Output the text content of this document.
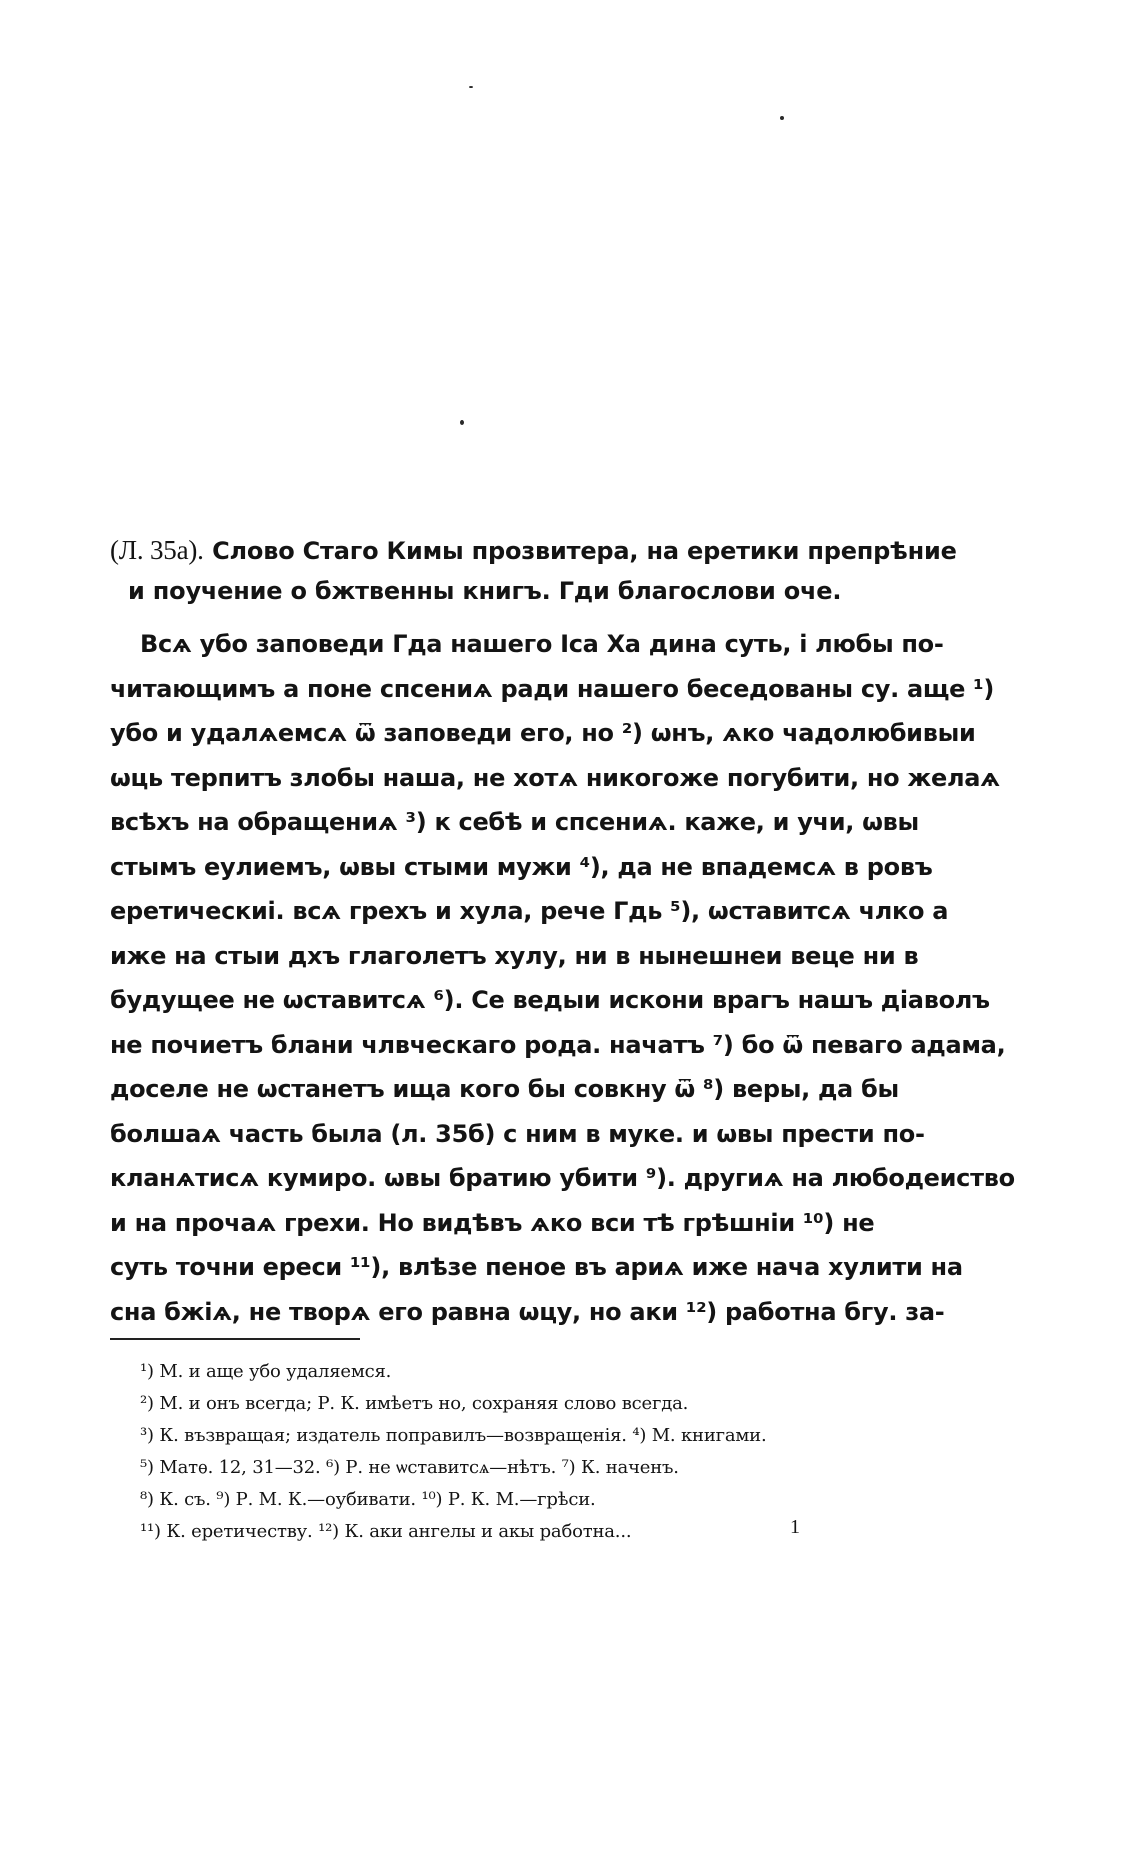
(Л. 35а). Слово Стаго Кимы прозвитера, на еретики препрѣние
и поучение о бжтвенны книгъ. Гди благослови оче.
Всѧ убо заповеди Гда нашего Іса Ха дина суть, і любы по-
читающимъ а поне спсениѧ ради нашего беседованы су. аще ¹)
убо и удалѧемсѧ ѿ заповеди его, но ²) ѡнъ, ѧко чадолюбивыи
ѡць терпитъ злобы наша, не хотѧ никогоже погубити, но желаѧ
всѣхъ на обращениѧ ³) к себѣ и спсениѧ. каже, и учи, ѡвы
стымъ еулиемъ, ѡвы стыми мужи ⁴), да не впадемсѧ в ровъ
еретическиі. всѧ грехъ и хула, рече Гдь ⁵), ѡставитсѧ члко а
иже на стыи дхъ глаголетъ хулу, ни в нынешнеи веце ни в
будущее не ѡставитсѧ ⁶). Се ведыи искони врагъ нашъ діаволъ
не почиетъ блани члвческаго рода. начатъ ⁷) бо ѿ певаго адама,
доселе не ѡстанетъ ища кого бы совкну ѿ ⁸) веры, да бы
болшаѧ часть была (л. 35б) с ним в муке. и ѡвы прести по-
кланѧтисѧ кумиро. ѡвы братию убити ⁹). другиѧ на любодеиство
и на прочаѧ грехи. Но видѣвъ ѧко вси тѣ грѣшніи ¹⁰) не
суть точни ереси ¹¹), влѣзе пеное въ ариѧ иже нача хулити на
сна бжіѧ, не творѧ его равна ѡцу, но аки ¹²) работна бгу. за-
¹) М. и аще убо удаляемся.
²) М. и онъ всегда; Р. К. имѣетъ но, сохраняя слово всегда.
³) К. възвращая; издатель поправилъ—возвращенія. ⁴) М. книгами.
⁵) Матѳ. 12, 31—32. ⁶) Р. не ѡставитсѧ—нѣтъ. ⁷) К. наченъ.
⁸) К. съ. ⁹) Р. М. К.—оубивати. ¹⁰) Р. К. М.—грѣси.
¹¹) К. еретичеству. ¹²) К. аки ангелы и акы работна...	1
